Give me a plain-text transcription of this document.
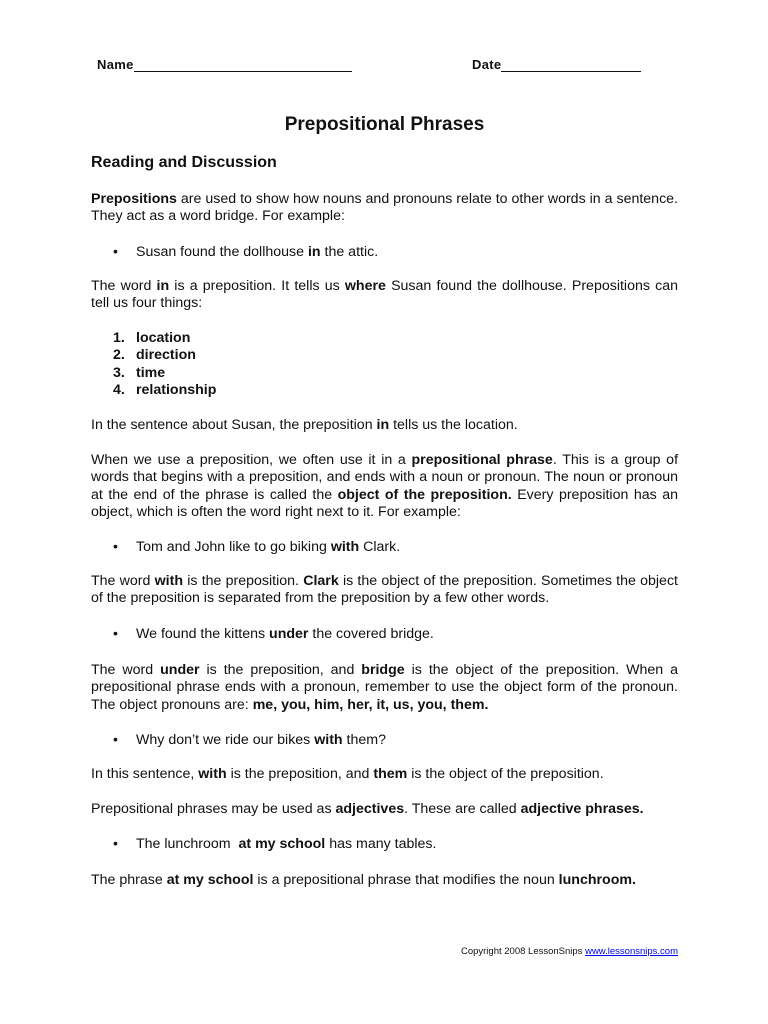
Name	Date
Prepositional Phrases
Reading and Discussion

Prepositions are used to show how nouns and pronouns relate to other words in a sentence. They act as a word bridge. For example:

• Susan found the dollhouse in the attic.

The word in is a preposition. It tells us where Susan found the dollhouse. Prepositions can tell us four things:

1. location
2. direction
3. time
4. relationship

In the sentence about Susan, the preposition in tells us the location.

When we use a preposition, we often use it in a prepositional phrase. This is a group of words that begins with a preposition, and ends with a noun or pronoun. The noun or pronoun at the end of the phrase is called the object of the preposition. Every preposition has an object, which is often the word right next to it. For example:

• Tom and John like to go biking with Clark.

The word with is the preposition. Clark is the object of the preposition. Sometimes the object of the preposition is separated from the preposition by a few other words.

• We found the kittens under the covered bridge.

The word under is the preposition, and bridge is the object of the preposition. When a prepositional phrase ends with a pronoun, remember to use the object form of the pronoun. The object pronouns are: me, you, him, her, it, us, you, them.

• Why don’t we ride our bikes with them?

In this sentence, with is the preposition, and them is the object of the preposition.

Prepositional phrases may be used as adjectives. These are called adjective phrases.

• The lunchroom  at my school has many tables.

The phrase at my school is a prepositional phrase that modifies the noun lunchroom.

Copyright 2008 LessonSnips www.lessonsnips.com
